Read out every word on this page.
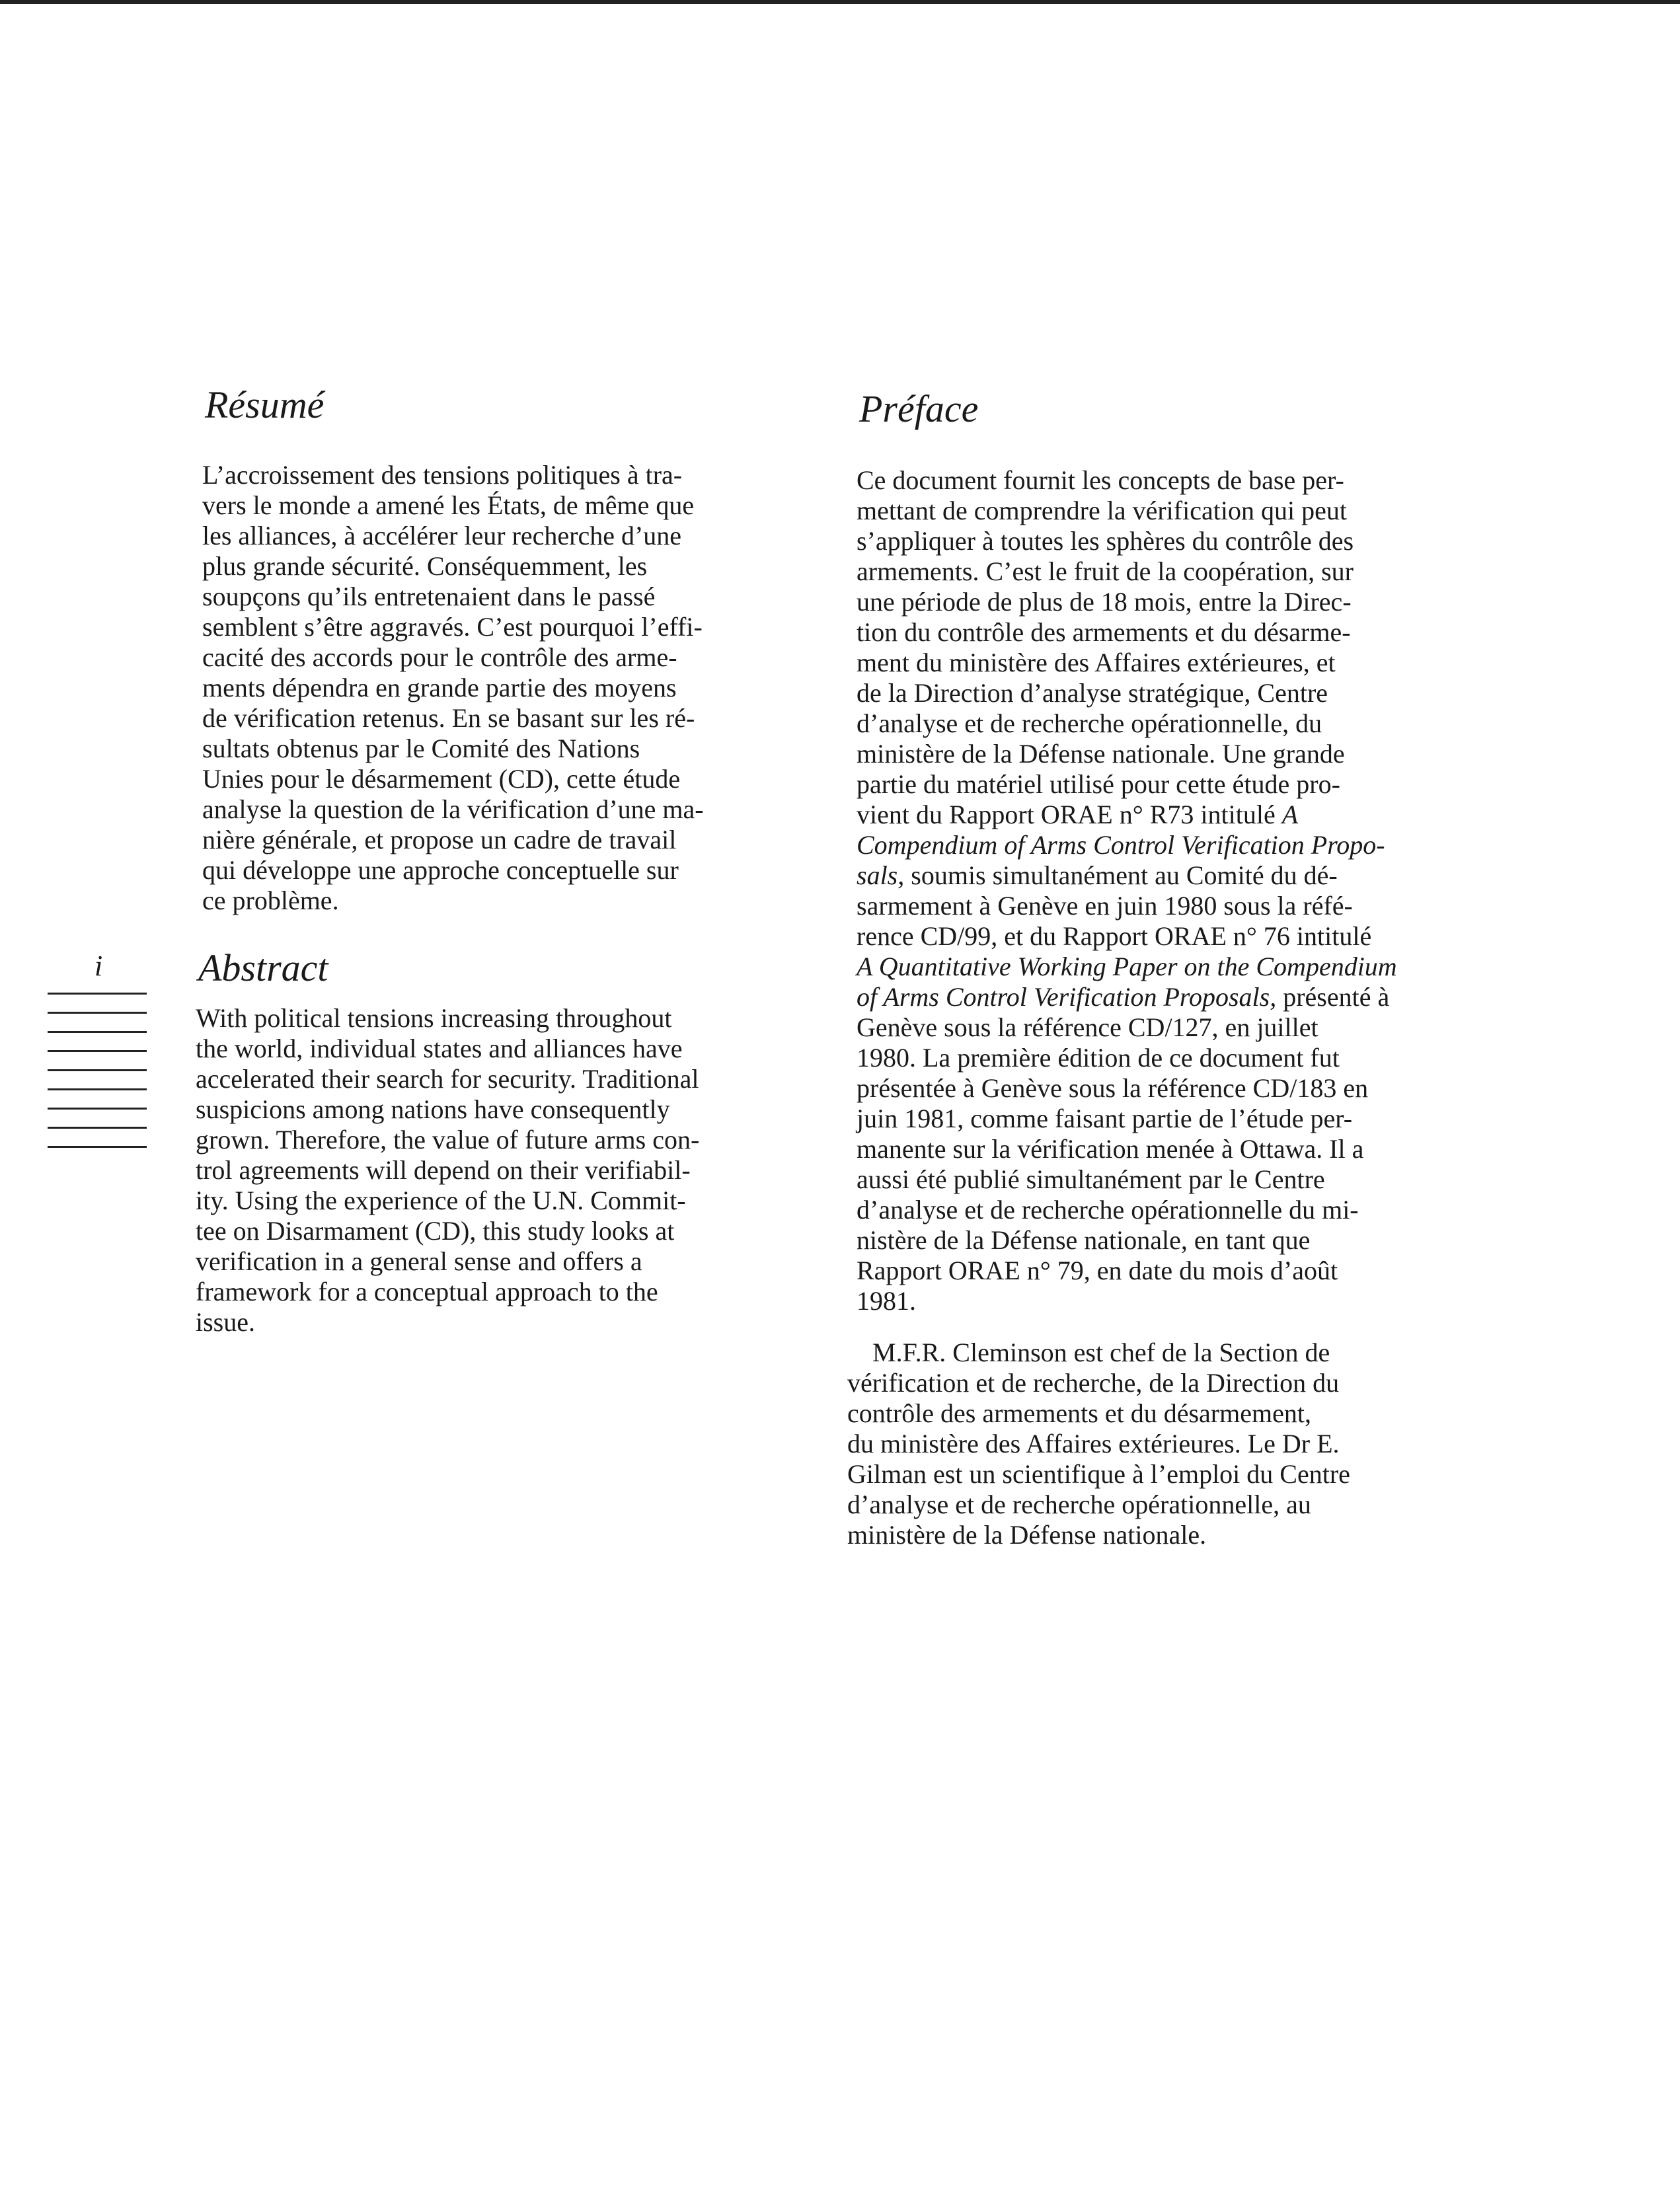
Résumé
L’accroissement des tensions politiques à tra-
vers le monde a amené les États, de même que
les alliances, à accélérer leur recherche d’une
plus grande sécurité. Conséquemment, les
soupçons qu’ils entretenaient dans le passé
semblent s’être aggravés. C’est pourquoi l’effi-
cacité des accords pour le contrôle des arme-
ments dépendra en grande partie des moyens
de vérification retenus. En se basant sur les ré-
sultats obtenus par le Comité des Nations
Unies pour le désarmement (CD), cette étude
analyse la question de la vérification d’une ma-
nière générale, et propose un cadre de travail
qui développe une approche conceptuelle sur
ce problème.
i Abstract
With political tensions increasing throughout
the world, individual states and alliances have
accelerated their search for security. Traditional
suspicions among nations have consequently
grown. Therefore, the value of future arms con-
trol agreements will depend on their verifiabil-
ity. Using the experience of the U.N. Commit-
tee on Disarmament (CD), this study looks at
verification in a general sense and offers a
framework for a conceptual approach to the
issue.
Préface
Ce document fournit les concepts de base per-
mettant de comprendre la vérification qui peut
s’appliquer à toutes les sphères du contrôle des
armements. C’est le fruit de la coopération, sur
une période de plus de 18 mois, entre la Direc-
tion du contrôle des armements et du désarme-
ment du ministère des Affaires extérieures, et
de la Direction d’analyse stratégique, Centre
d’analyse et de recherche opérationnelle, du
ministère de la Défense nationale. Une grande
partie du matériel utilisé pour cette étude pro-
vient du Rapport ORAE n° R73 intitulé A
Compendium of Arms Control Verification Propo-
sals, soumis simultanément au Comité du dé-
sarmement à Genève en juin 1980 sous la réfé-
rence CD/99, et du Rapport ORAE n° 76 intitulé
A Quantitative Working Paper on the Compendium
of Arms Control Verification Proposals, présenté à
Genève sous la référence CD/127, en juillet
1980. La première édition de ce document fut
présentée à Genève sous la référence CD/183 en
juin 1981, comme faisant partie de l’étude per-
manente sur la vérification menée à Ottawa. Il a
aussi été publié simultanément par le Centre
d’analyse et de recherche opérationnelle du mi-
nistère de la Défense nationale, en tant que
Rapport ORAE n° 79, en date du mois d’août
1981.
M.F.R. Cleminson est chef de la Section de
vérification et de recherche, de la Direction du
contrôle des armements et du désarmement,
du ministère des Affaires extérieures. Le Dr E.
Gilman est un scientifique à l’emploi du Centre
d’analyse et de recherche opérationnelle, au
ministère de la Défense nationale.
